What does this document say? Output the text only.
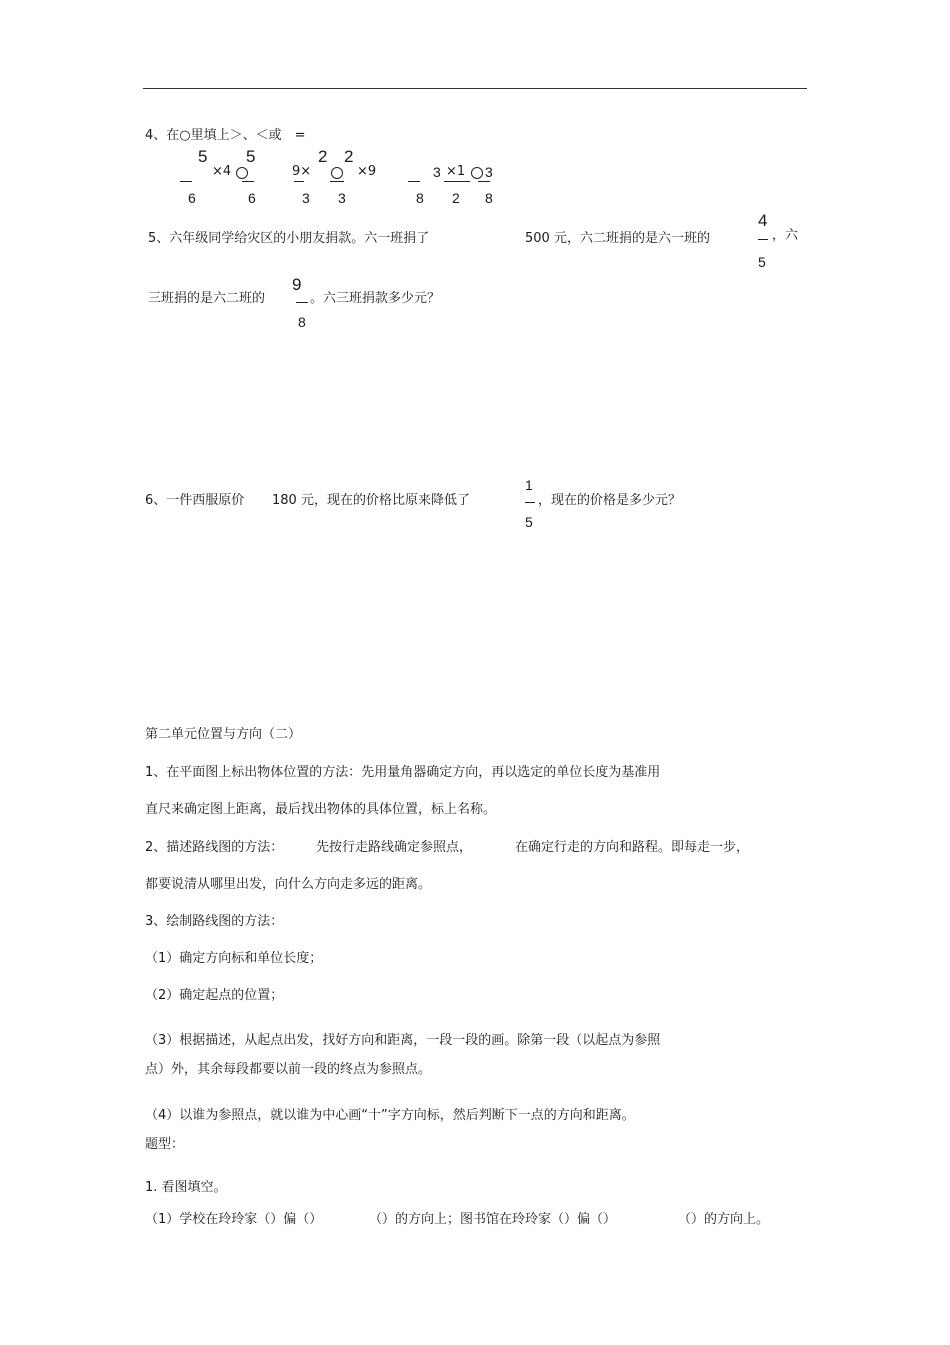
4、在○里填上＞、＜或　=
5
6
×4
5
6
9×
2
3
2
3
×9	3
8
×1
2
3
8
5、六年级同学给灾区的小朋友捐款。六一班捐了	500 元，六二班捐的是六一班的
4
5
，六
三班捐的是六二班的
9
8
。六三班捐款多少元？
6、一件西服原价 180 元，现在的价格比原来降低了
1
5
，现在的价格是多少元？
第二单元位置与方向（二）
1、在平面图上标出物体位置的方法：先用量角器确定方向，再以选定的单位长度为基准用
直尺来确定图上距离，最后找出物体的具体位置，标上名称。
2、描述路线图的方法：	先按行走路线确定参照点，	在确定行走的方向和路程。即每走一步，
都要说清从哪里出发，向什么方向走多远的距离。
3、绘制路线图的方法：
（1）确定方向标和单位长度；
（2）确定起点的位置；
（3）根据描述，从起点出发，找好方向和距离，一段一段的画。除第一段（以起点为参照
点）外，其余每段都要以前一段的终点为参照点。
（4）以谁为参照点，就以谁为中心画“十”字方向标，然后判断下一点的方向和距离。
题型：
1. 看图填空。
（1）学校在玲玲家（）偏（）	（）的方向上；图书馆在玲玲家（）偏（）	（）的方向上。
